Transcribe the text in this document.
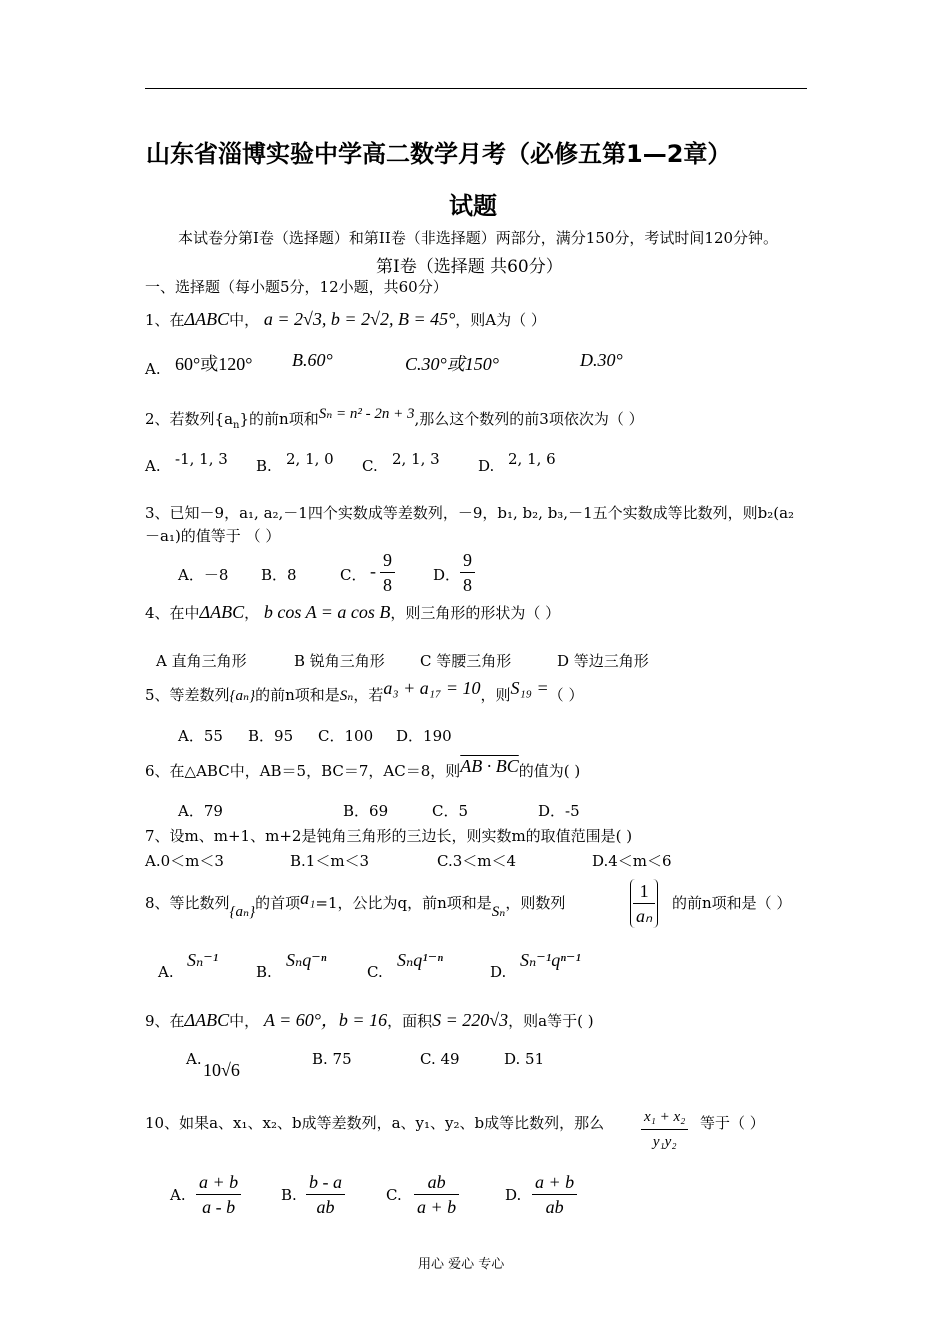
山东省淄博实验中学高二数学月考（必修五第1—2章）
试题
本试卷分第I卷（选择题）和第II卷（非选择题）两部分，满分150分，考试时间120分钟。
第Ⅰ卷（选择题 共60分）
一、选择题（每小题5分，12小题，共60分）
1、在ΔABC中， a = 2√3, b = 2√2, B = 45°，则A为（ ）
A. 60°或120° B.60°	C.30°或150°	D.30°
2、若数列$\{a_n\}$的前n项和Sₙ = n² - 2n + 3,那么这个数列的前3项依次为（ ）
A. -1, 1, 3 B. 2, 1, 0 C. 2, 1, 3	D. 2, 1, 6
3、已知－9，a₁, a₂,－1四个实数成等差数列，－9，b₁, b₂, b₃,－1五个实数成等比数列，则b₂(a₂
－a₁)的值等于 （ ）
A．－8 B．8	C． - $\frac{9}{8}$	D． $\frac{9}{8}$
4、在中ΔABC， b cos A = a cos B，则三角形的形状为（ ）
A 直角三角形	B 锐角三角形 C 等腰三角形	D 等边三角形
5、等差数列{aₙ}的前n项和是Sₙ，若a₃ + a₁₇ = 10，则S₁₉ =（ ）
A．55 B．95 C．100 D．190
6、在△ABC中，AB＝5，BC＝7，AC＝8，则AB · BC的值为( )
A．79	B．69	C．5	D．-5
7、设m、m+1、m+2是钝角三角形的三边长，则实数m的取值范围是( )
A.0＜m＜3	B.1＜m＜3	C.3＜m＜4	D.4＜m＜6
8、等比数列{aₙ}的首项a₁=1，公比为q，前n项和是Sₙ，则数列	$\frac{1}{\text{aₙ}}$ 的前n项和是（ ）
A.
Sₙ⁻¹
B.
Sₙq⁻ⁿ
C.
Sₙq¹⁻ⁿ
D.
Sₙ⁻¹qⁿ⁻¹
9、在ΔABC中， A = 60°，b = 16，面积S = 220√3，则a等于( )
A.
10√6
B. 75	C. 49	D. 51
10、如果a、x₁、x₂、b成等差数列，a、y₁、y₂、b成等比数列，那么 $\frac{\text{x₁ + x₂}}{\text{y₁y₂}}$ 等于（ ）
A. $\frac{a + b}{a - b}$	B. $\frac{b - a}{ab}$	C. $\frac{ab}{a + b}$	D. $\frac{a + b}{ab}$
用心 爱心 专心
